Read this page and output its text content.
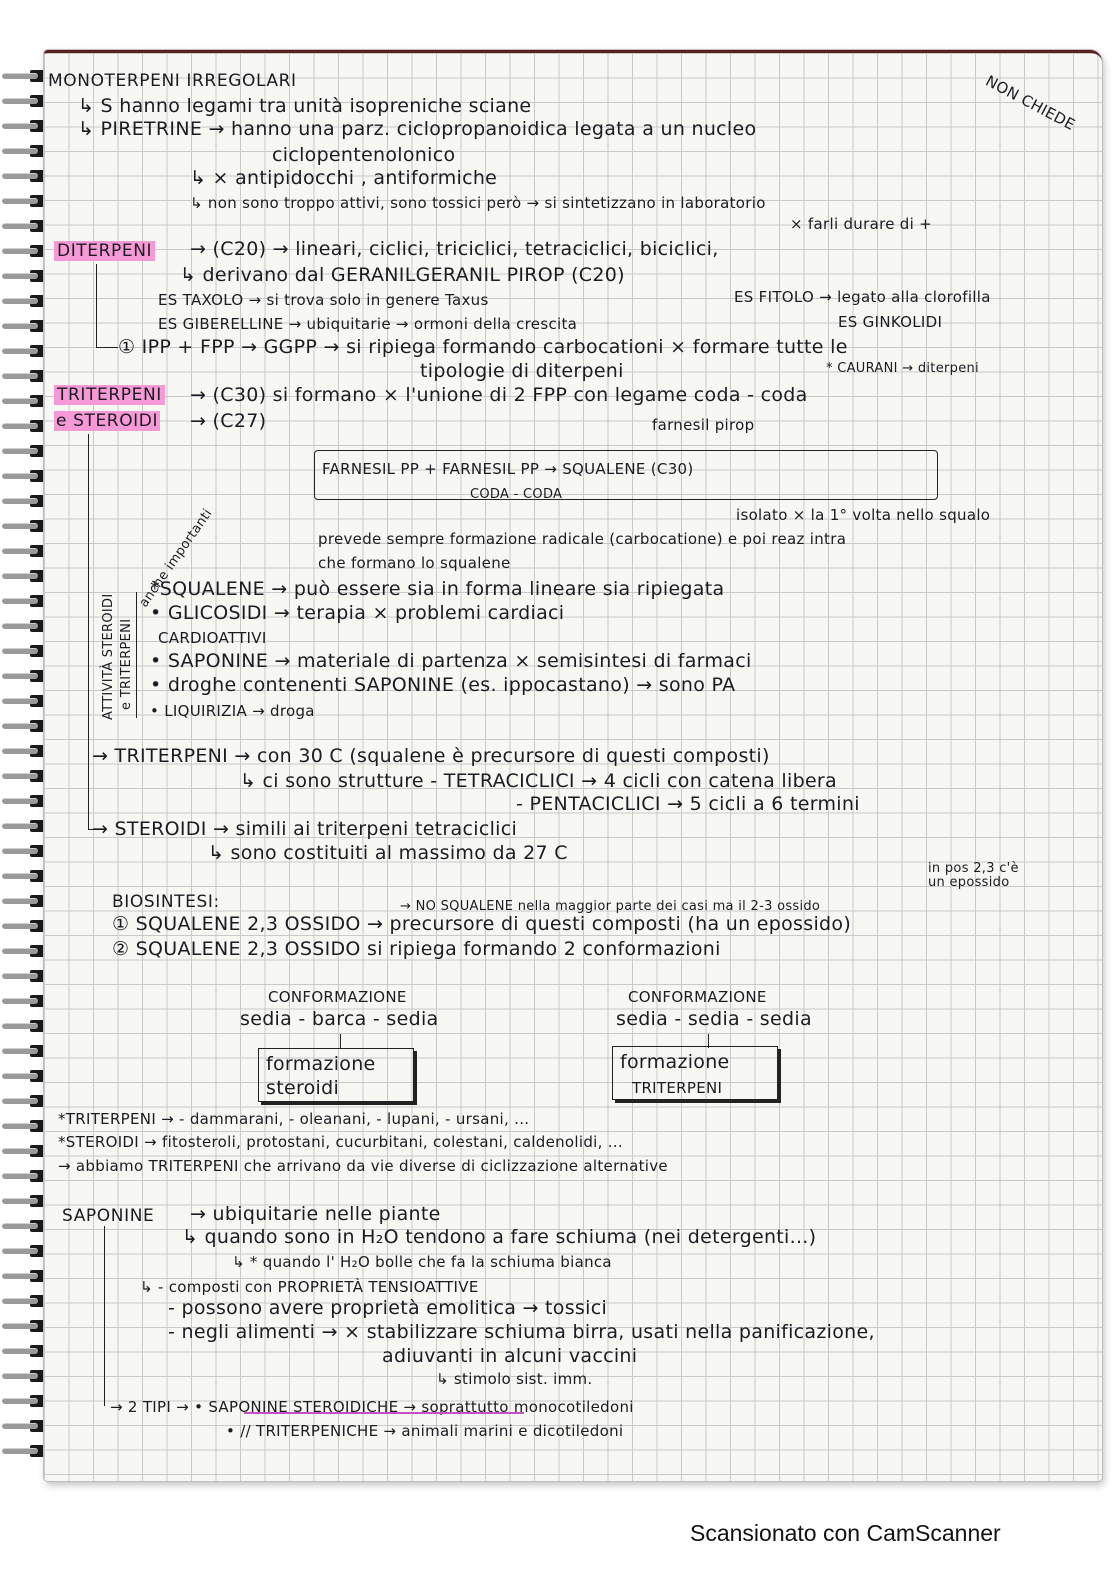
MONOTERPENI IRREGOLARI
↳ S hanno legami tra unità isopreniche sciane
↳ PIRETRINE → hanno una parz. ciclopropanoidica legata a un nucleo
ciclopentenolonico
↳ × antipidocchi , antiformiche
↳ non sono troppo attivi, sono tossici però → si sintetizzano in laboratorio
× farli durare di +
NON CHIEDE
DITERPENI → (C20) → lineari, ciclici, triciclici, tetraciclici, biciclici,
↳ derivano dal GERANILGERANIL PIROP (C20)
ES TAXOLO → si trova solo in genere Taxus	ES FITOLO → legato alla clorofilla
ES GIBERELLINE → ubiquitarie → ormoni della crescita	ES GINKOLIDI
① IPP + FPP → GGPP → si ripiega formando carbocationi × formare tutte le
tipologie di diterpeni	* CAURANI → diterpeni
TRITERPENI → (C30) si formano × l'unione di 2 FPP con legame coda - coda
e STEROIDI → (C27)	farnesil pirop
FARNESIL PP + FARNESIL PP → SQUALENE (C30)
CODA - CODA
isolato × la 1° volta nello squalo
prevede sempre formazione radicale (carbocatione) e poi reaz intra
che formano lo squalene
*SQUALENE → può essere sia in forma lineare sia ripiegata
• GLICOSIDI → terapia × problemi cardiaci
CARDIOATTIVI
• SAPONINE → materiale di partenza × semisintesi di farmaci
• droghe contenenti SAPONINE (es. ippocastano) → sono PA
• LIQUIRIZIA → droga
ATTIVITÀ STEROIDI e TRITERPENI
anche importanti
→ TRITERPENI → con 30 C (squalene è precursore di questi composti)
↳ ci sono strutture - TETRACICLICI → 4 cicli con catena libera
- PENTACICLICI → 5 cicli a 6 termini
→ STEROIDI → simili ai triterpeni tetraciclici
↳ sono costituiti al massimo da 27 C
in pos 2,3 c'è
un epossido
BIOSINTESI:	→ NO SQUALENE nella maggior parte dei casi ma il 2-3 ossido
① SQUALENE 2,3 OSSIDO → precursore di questi composti (ha un epossido)
② SQUALENE 2,3 OSSIDO si ripiega formando 2 conformazioni
CONFORMAZIONE
sedia - barca - sedia
CONFORMAZIONE
sedia - sedia - sedia
formazione
steroidi
formazione
TRITERPENI
*TRITERPENI → - dammarani, - oleanani, - lupani, - ursani, ...
*STEROIDI → fitosteroli, protostani, cucurbitani, colestani, caldenolidi, ...
→ abbiamo TRITERPENI che arrivano da vie diverse di ciclizzazione alternative
SAPONINE → ubiquitarie nelle piante
↳ quando sono in H₂O tendono a fare schiuma (nei detergenti...)
↳ * quando l' H₂O bolle che fa la schiuma bianca
↳ - composti con PROPRIETÀ TENSIOATTIVE
- possono avere proprietà emolitica → tossici
- negli alimenti → × stabilizzare schiuma birra, usati nella panificazione,
adiuvanti in alcuni vaccini
↳ stimolo sist. imm.
→ 2 TIPI → • SAPONINE STEROIDICHE → soprattutto monocotiledoni
• // TRITERPENICHE → animali marini e dicotiledoni
Scansionato con CamScanner
